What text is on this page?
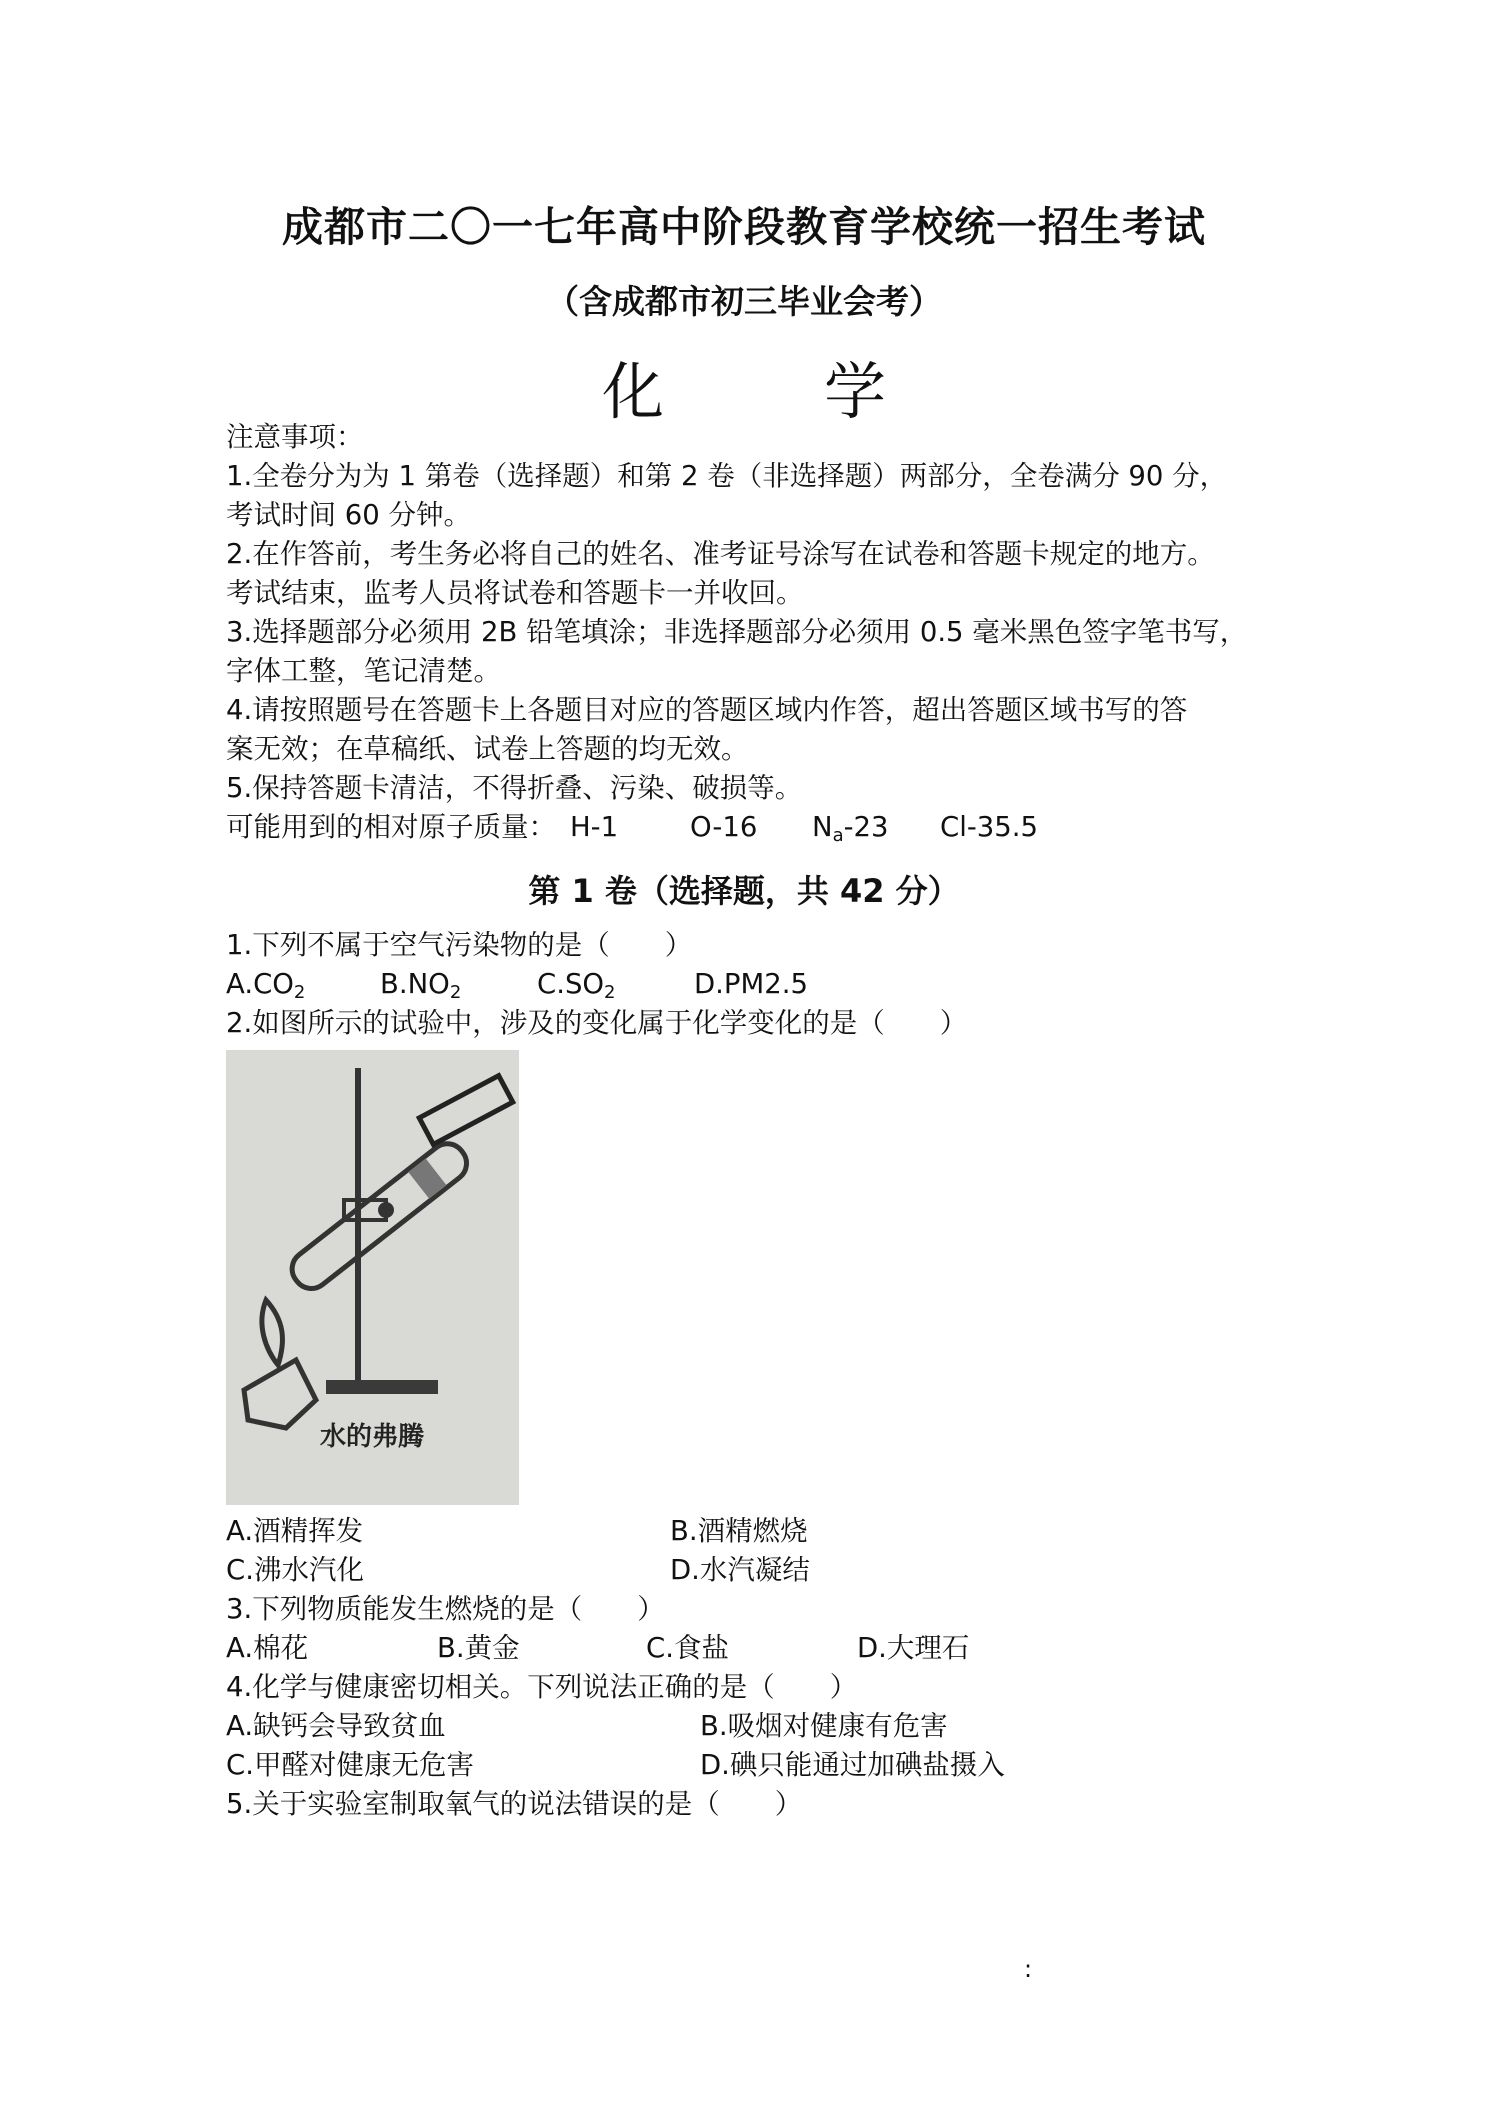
成都市二〇一七年高中阶段教育学校统一招生考试
（含成都市初三毕业会考）
化	学
注意事项：
1.全卷分为为 1 第卷（选择题）和第 2 卷（非选择题）两部分，全卷满分 90 分，
考试时间 60 分钟。
2.在作答前，考生务必将自己的姓名、准考证号涂写在试卷和答题卡规定的地方。
考试结束，监考人员将试卷和答题卡一并收回。
3.选择题部分必须用 2B 铅笔填涂；非选择题部分必须用 0.5 毫米黑色签字笔书写，
字体工整，笔记清楚。
4.请按照题号在答题卡上各题目对应的答题区域内作答，超出答题区域书写的答
案无效；在草稿纸、试卷上答题的均无效。
5.保持答题卡清洁，不得折叠、污染、破损等。
可能用到的相对原子质量： H-1	O-16 $N_a-23$ Cl-35.5
第 1 卷（选择题，共 42 分）
1.下列不属于空气污染物的是（　　）
$A.CO_2$	$B.NO_2$	$C.SO_2$	D.PM2.5
2.如图所示的试验中，涉及的变化属于化学变化的是（　　）
水的弗腾
A.酒精挥发	B.酒精燃烧
C.沸水汽化	D.水汽凝结
3.下列物质能发生燃烧的是（　　）
A.棉花	B.黄金	C.食盐	D.大理石
4.化学与健康密切相关。下列说法正确的是（　　）
A.缺钙会导致贫血	B.吸烟对健康有危害
C.甲醛对健康无危害	D.碘只能通过加碘盐摄入
5.关于实验室制取氧气的说法错误的是（　　）
:
